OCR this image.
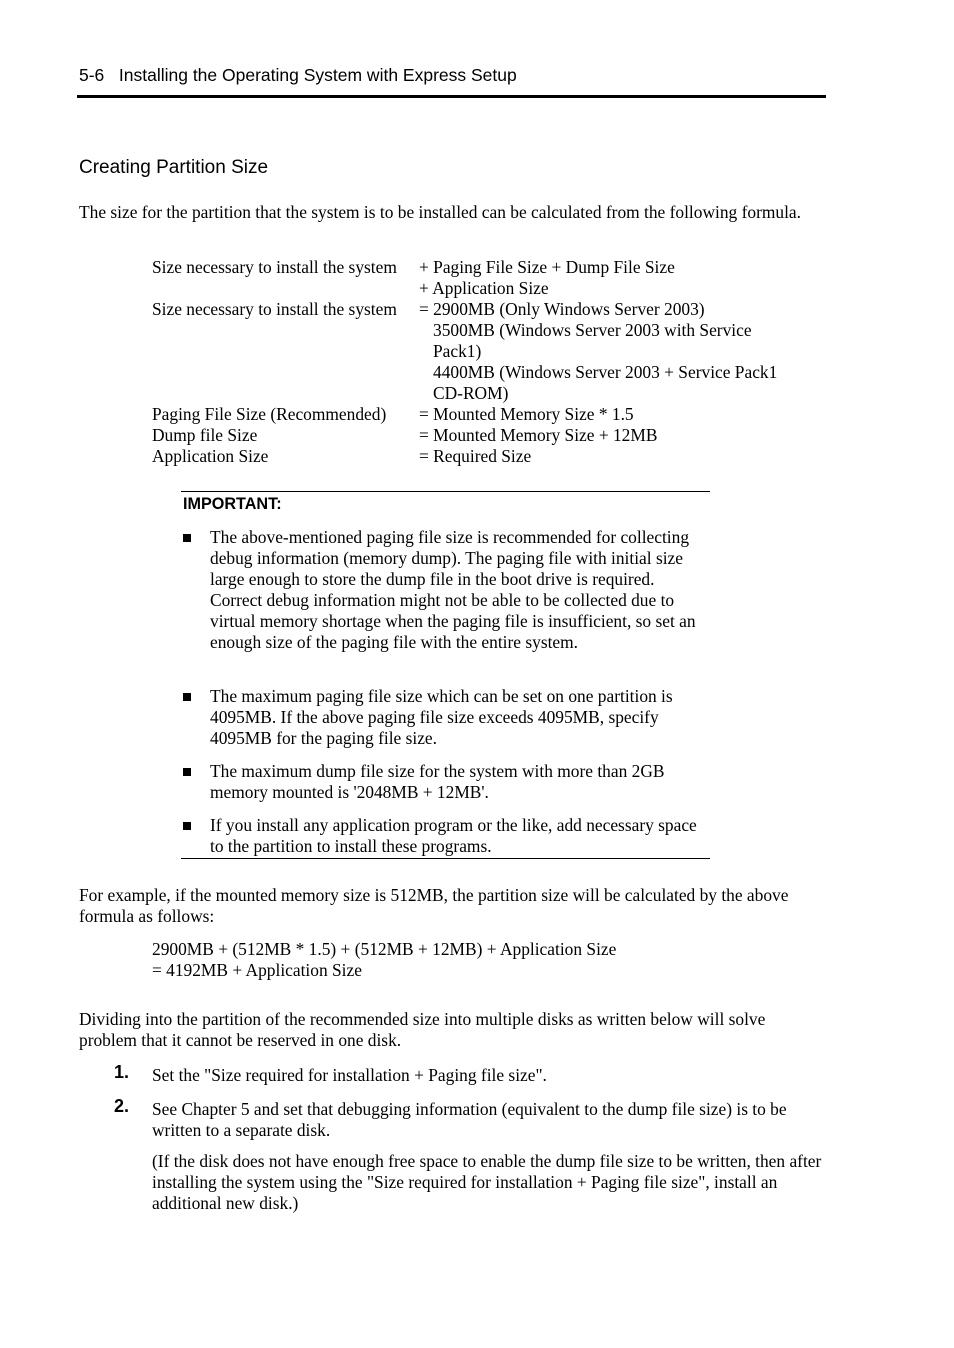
5-6 Installing the Operating System with Express Setup
Creating Partition Size

The size for the partition that the system is to be installed can be calculated from the following formula.

Size necessary to install the system	+ Paging File Size + Dump File Size
+ Application Size
Size necessary to install the system	= 2900MB (Only Windows Server 2003)
3500MB (Windows Server 2003 with Service
Pack1)
4400MB (Windows Server 2003 + Service Pack1
CD-ROM)
Paging File Size (Recommended)	= Mounted Memory Size * 1.5
Dump file Size	= Mounted Memory Size + 12MB
Application Size	= Required Size
IMPORTANT:

The above-mentioned paging file size is recommended for collecting debug information (memory dump). The paging file with initial size large enough to store the dump file in the boot drive is required.

Correct debug information might not be able to be collected due to virtual memory shortage when the paging file is insufficient, so set an enough size of the paging file with the entire system.

The maximum paging file size which can be set on one partition is 4095MB. If the above paging file size exceeds 4095MB, specify 4095MB for the paging file size.

The maximum dump file size for the system with more than 2GB memory mounted is '2048MB + 12MB'.

If you install any application program or the like, add necessary space to the partition to install these programs.

For example, if the mounted memory size is 512MB, the partition size will be calculated by the above formula as follows:

2900MB + (512MB * 1.5) + (512MB + 12MB) + Application Size
= 4192MB + Application Size

Dividing into the partition of the recommended size into multiple disks as written below will solve problem that it cannot be reserved in one disk.

1. Set the "Size required for installation + Paging file size".

2. See Chapter 5 and set that debugging information (equivalent to the dump file size) is to be written to a separate disk.

(If the disk does not have enough free space to enable the dump file size to be written, then after installing the system using the "Size required for installation + Paging file size", install an additional new disk.)
